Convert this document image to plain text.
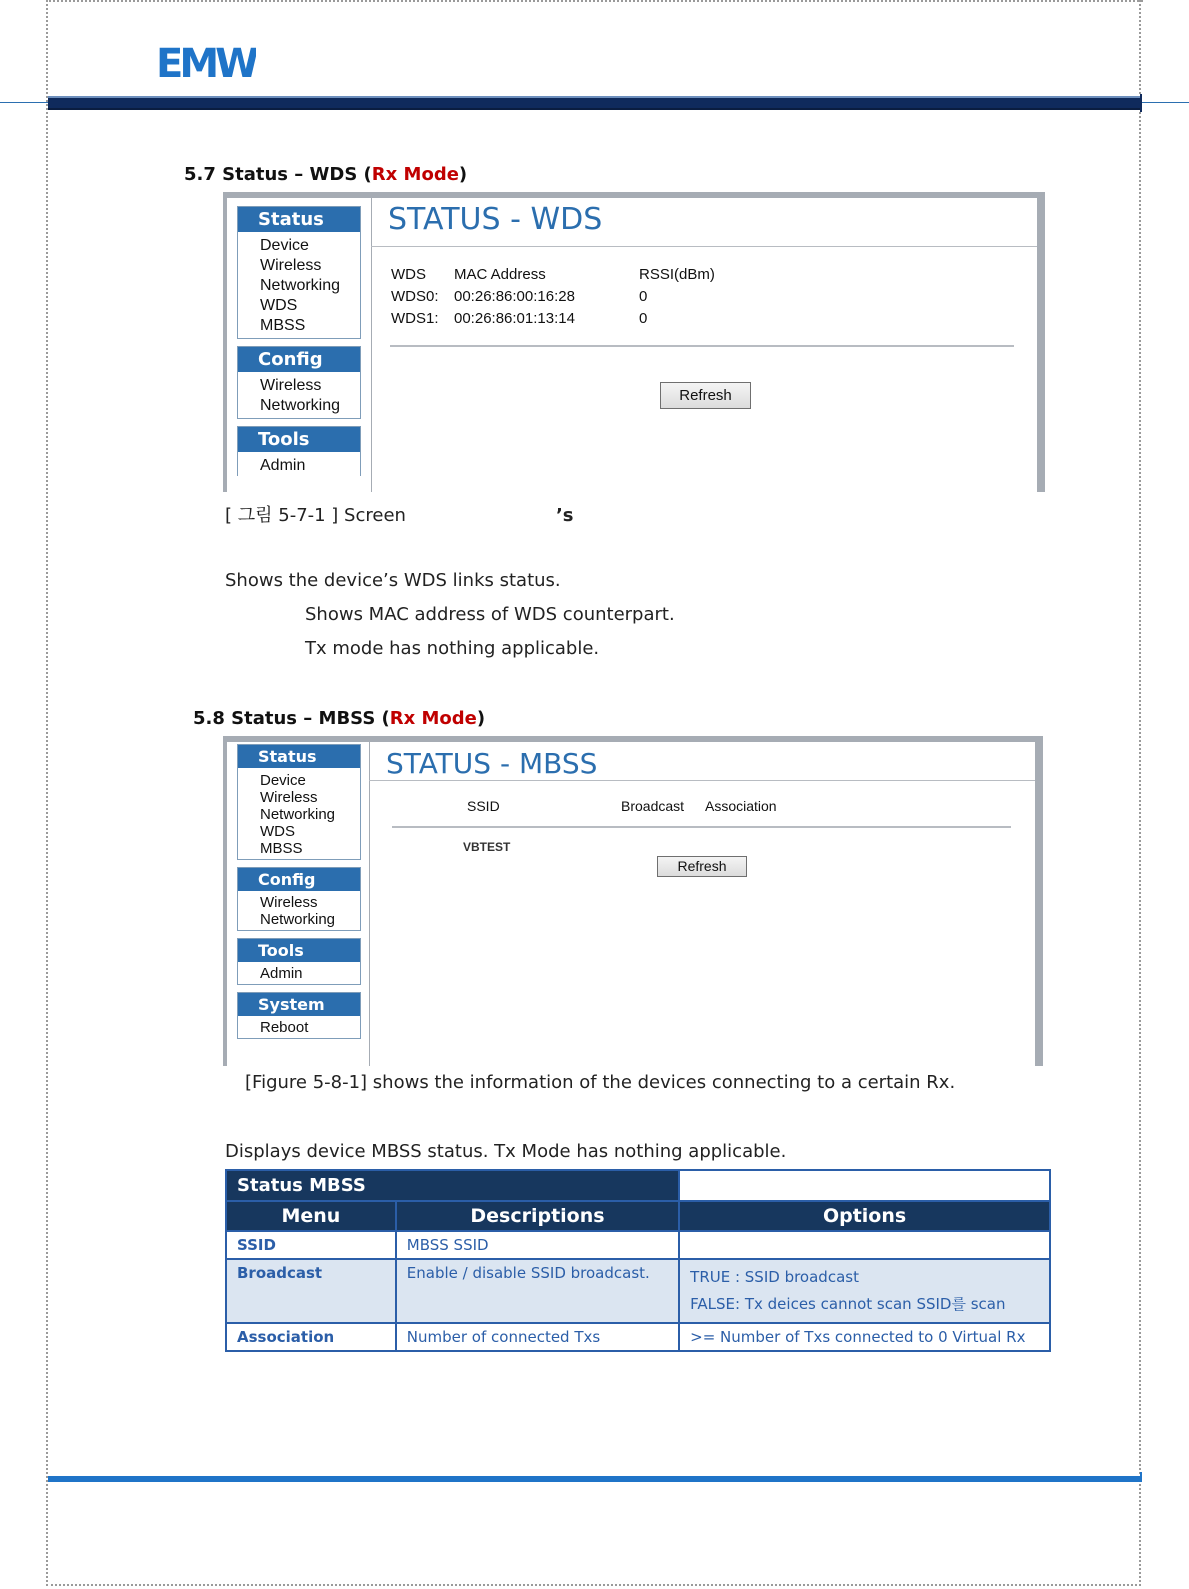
EMW
5.7 Status – WDS (Rx Mode)
Status
Device
Wireless
Networking
WDS
MBSS
Config
Wireless
Networking
Tools
Admin
STATUS - WDS
WDS MAC Address	RSSI(dBm)
WDS0: 00:26:86:00:16:28	0
WDS1: 00:26:86:01:13:14	0
Refresh
[ 그림 5-7-1 ] Screen	’s
Shows the device’s WDS links status.
Shows MAC address of WDS counterpart.
Tx mode has nothing applicable.
5.8 Status – MBSS (Rx Mode)
Status
Device
Wireless
Networking
WDS
MBSS
Config
Wireless
Networking
Tools
Admin
System
Reboot
STATUS - MBSS
SSID	Broadcast Association
VBTEST
Refresh
[Figure 5-8-1] shows the information of the devices connecting to a certain Rx.
Displays device MBSS status. Tx Mode has nothing applicable.
Status MBSS		
Menu	Descriptions	Options
SSID	MBSS SSID	
Broadcast	Enable / disable SSID broadcast.	TRUE : SSID broadcast
FALSE: Tx deices cannot scan SSID를 scan

Association	Number of connected Txs	>= Number of Txs connected to 0 Virtual Rx
